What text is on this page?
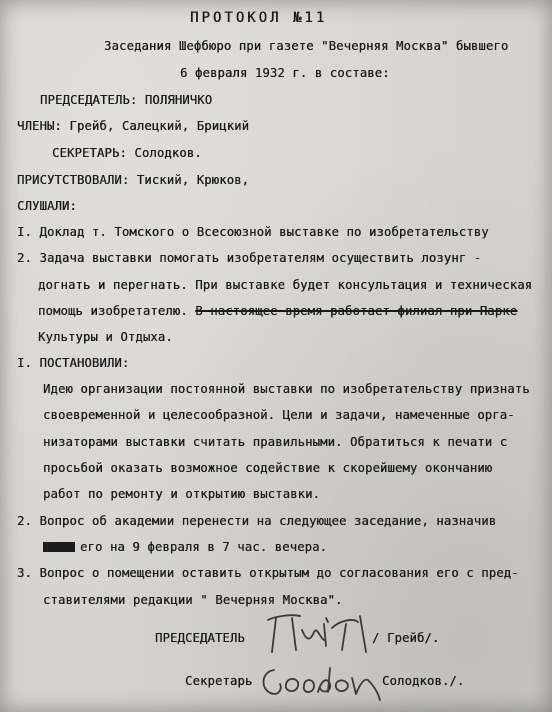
ПРОТОКОЛ №11
Заседания Шефбюро при газете "Вечерняя Москва" бывшего
6 февраля 1932 г. в составе:
ПРЕДСЕДАТЕЛЬ: ПОЛЯНИЧКО
ЧЛЕНЫ: Грейб, Салецкий, Брицкий
СЕКРЕТАРЬ: Солодков.
ПРИСУТСТВОВАЛИ: Тиский, Крюков,
СЛУШАЛИ:
I. Доклад т. Томского о Всесоюзной выставке по изобретательству
2. Задача выставки помогать изобретателям осуществить лозунг -
догнать и перегнать. При выставке будет консультация и техническая
помощь изобретателю. В настоящее время работает филиал при Парке
Культуры и Отдыха.
I. ПОСТАНОВИЛИ:
Идею организации постоянной выставки по изобретательству признать
своевременной и целесообразной. Цели и задачи, намеченные орга-
низаторами выставки считать правильными. Обратиться к печати с
просьбой оказать возможное содействие к скорейшему окончанию
работ по ремонту и открытию выставки.
2. Вопрос об академии перенести на следующее заседание, назначив
его на 9 февраля в 7 час. вечера.
3. Вопрос о помещении оставить открытым до согласования его с пред-
ставителями редакции " Вечерняя Москва".
ПРЕДСЕДАТЕЛЬ	/ Грейб/.
Секретарь	Солодков./.
